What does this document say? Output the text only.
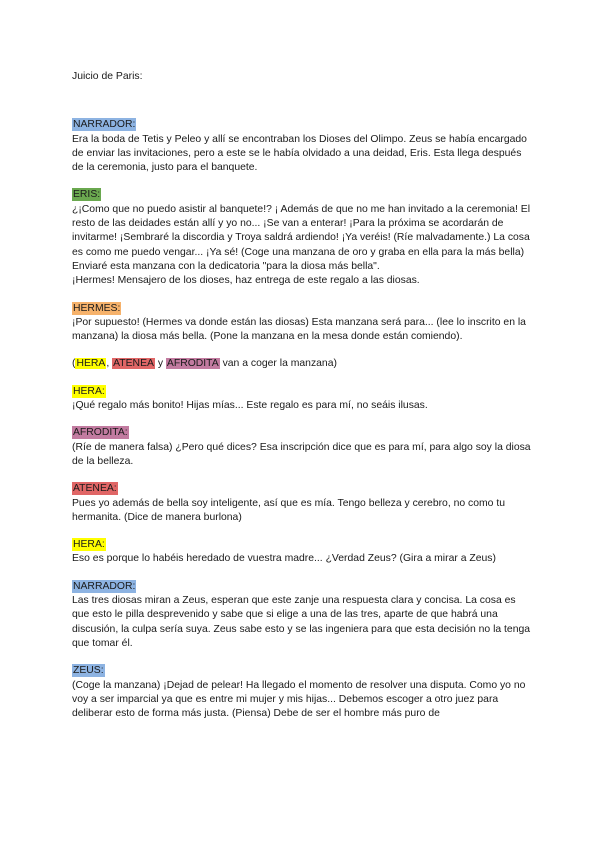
Juicio de Paris:
NARRADOR:

Era la boda de Tetis y Peleo y allí se encontraban los Dioses del Olimpo. Zeus se había encargado de enviar las invitaciones, pero a este se le había olvidado a una deidad, Eris. Esta llega después de la ceremonia, justo para el banquete.

ERIS:

¿¡Como que no puedo asistir al banquete!? ¡ Además de que no me han invitado a la ceremonia! El resto de las deidades están allí y yo no... ¡Se van a enterar! ¡Para la próxima se acordarán de invitarme! ¡Sembraré la discordia y Troya saldrá ardiendo! ¡Ya veréis! (Ríe malvadamente.) La cosa es como me puedo vengar... ¡Ya sé! (Coge una manzana de oro y graba en ella para la más bella) Enviaré esta manzana con la dedicatoria "para la diosa más bella".

¡Hermes! Mensajero de los dioses, haz entrega de este regalo a las diosas.

HERMES:

¡Por supuesto! (Hermes va donde están las diosas) Esta manzana será para... (lee lo inscrito en la manzana) la diosa más bella. (Pone la manzana en la mesa donde están comiendo).

(HERA, ATENEA y AFRODITA van a coger la manzana)

HERA:

¡Qué regalo más bonito! Hijas mías... Este regalo es para mí, no seáis ilusas.

AFRODITA:

(Ríe de manera falsa) ¿Pero qué dices? Esa inscripción dice que es para mí, para algo soy la diosa de la belleza.

ATENEA:

Pues yo además de bella soy inteligente, así que es mía. Tengo belleza y cerebro, no como tu hermanita. (Dice de manera burlona)

HERA:

Eso es porque lo habéis heredado de vuestra madre... ¿Verdad Zeus? (Gira a mirar a Zeus)

NARRADOR:

Las tres diosas miran a Zeus, esperan que este zanje una respuesta clara y concisa. La cosa es que esto le pilla desprevenido y sabe que si elige a una de las tres, aparte de que habrá una discusión, la culpa sería suya. Zeus sabe esto y se las ingeniera para que esta decisión no la tenga que tomar él.

ZEUS:

(Coge la manzana) ¡Dejad de pelear! Ha llegado el momento de resolver una disputa. Como yo no voy a ser imparcial ya que es entre mi mujer y mis hijas... Debemos escoger a otro juez para deliberar esto de forma más justa. (Piensa) Debe de ser el hombre más puro de
